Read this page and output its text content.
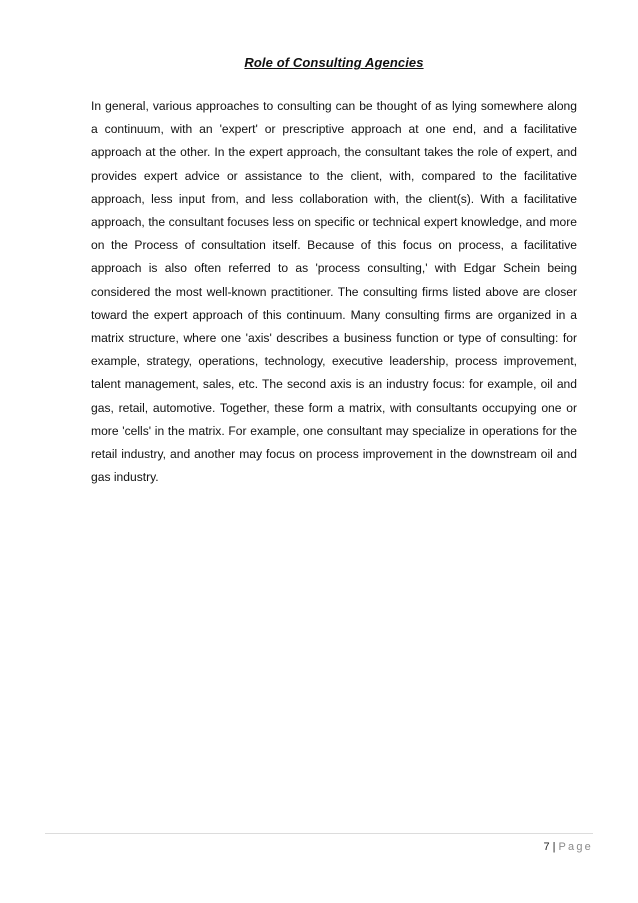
Role of Consulting Agencies

In general, various approaches to consulting can be thought of as lying somewhere along a continuum, with an 'expert' or prescriptive approach at one end, and a facilitative approach at the other. In the expert approach, the consultant takes the role of expert, and provides expert advice or assistance to the client, with, compared to the facilitative approach, less input from, and less collaboration with, the client(s). With a facilitative approach, the consultant focuses less on specific or technical expert knowledge, and more on the Process of consultation itself. Because of this focus on process, a facilitative approach is also often referred to as 'process consulting,' with Edgar Schein being considered the most well-known practitioner. The consulting firms listed above are closer toward the expert approach of this continuum. Many consulting firms are organized in a matrix structure, where one 'axis' describes a business function or type of consulting: for example, strategy, operations, technology, executive leadership, process improvement, talent management, sales, etc. The second axis is an industry focus: for example, oil and gas, retail, automotive. Together, these form a matrix, with consultants occupying one or more 'cells' in the matrix. For example, one consultant may specialize in operations for the retail industry, and another may focus on process improvement in the downstream oil and gas industry.

7 | Page
